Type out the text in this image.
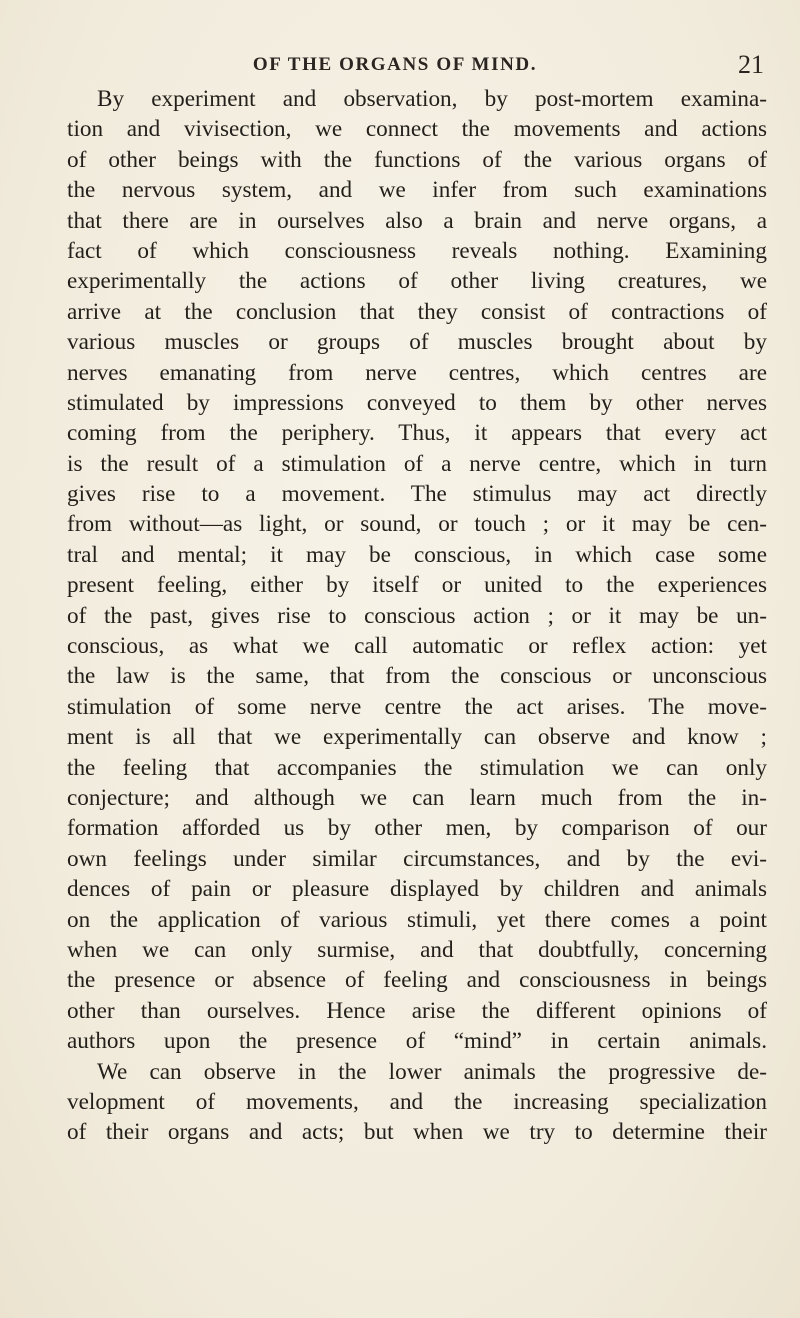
OF THE ORGANS OF MIND.	21
By experiment and observation, by post-mortem examina-
tion and vivisection, we connect the movements and actions
of other beings with the functions of the various organs of
the nervous system, and we infer from such examinations
that there are in ourselves also a brain and nerve organs, a
fact of which consciousness reveals nothing. Examining
experimentally the actions of other living creatures, we
arrive at the conclusion that they consist of contractions of
various muscles or groups of muscles brought about by
nerves emanating from nerve centres, which centres are
stimulated by impressions conveyed to them by other nerves
coming from the periphery. Thus, it appears that every act
is the result of a stimulation of a nerve centre, which in turn
gives rise to a movement. The stimulus may act directly
from without—as light, or sound, or touch ; or it may be cen-
tral and mental; it may be conscious, in which case some
present feeling, either by itself or united to the experiences
of the past, gives rise to conscious action ; or it may be un-
conscious, as what we call automatic or reflex action: yet
the law is the same, that from the conscious or unconscious
stimulation of some nerve centre the act arises. The move-
ment is all that we experimentally can observe and know ;
the feeling that accompanies the stimulation we can only
conjecture; and although we can learn much from the in-
formation afforded us by other men, by comparison of our
own feelings under similar circumstances, and by the evi-
dences of pain or pleasure displayed by children and animals
on the application of various stimuli, yet there comes a point
when we can only surmise, and that doubtfully, concerning
the presence or absence of feeling and consciousness in beings
other than ourselves. Hence arise the different opinions of
authors upon the presence of “mind” in certain animals.
We can observe in the lower animals the progressive de-
velopment of movements, and the increasing specialization
of their organs and acts; but when we try to determine their
